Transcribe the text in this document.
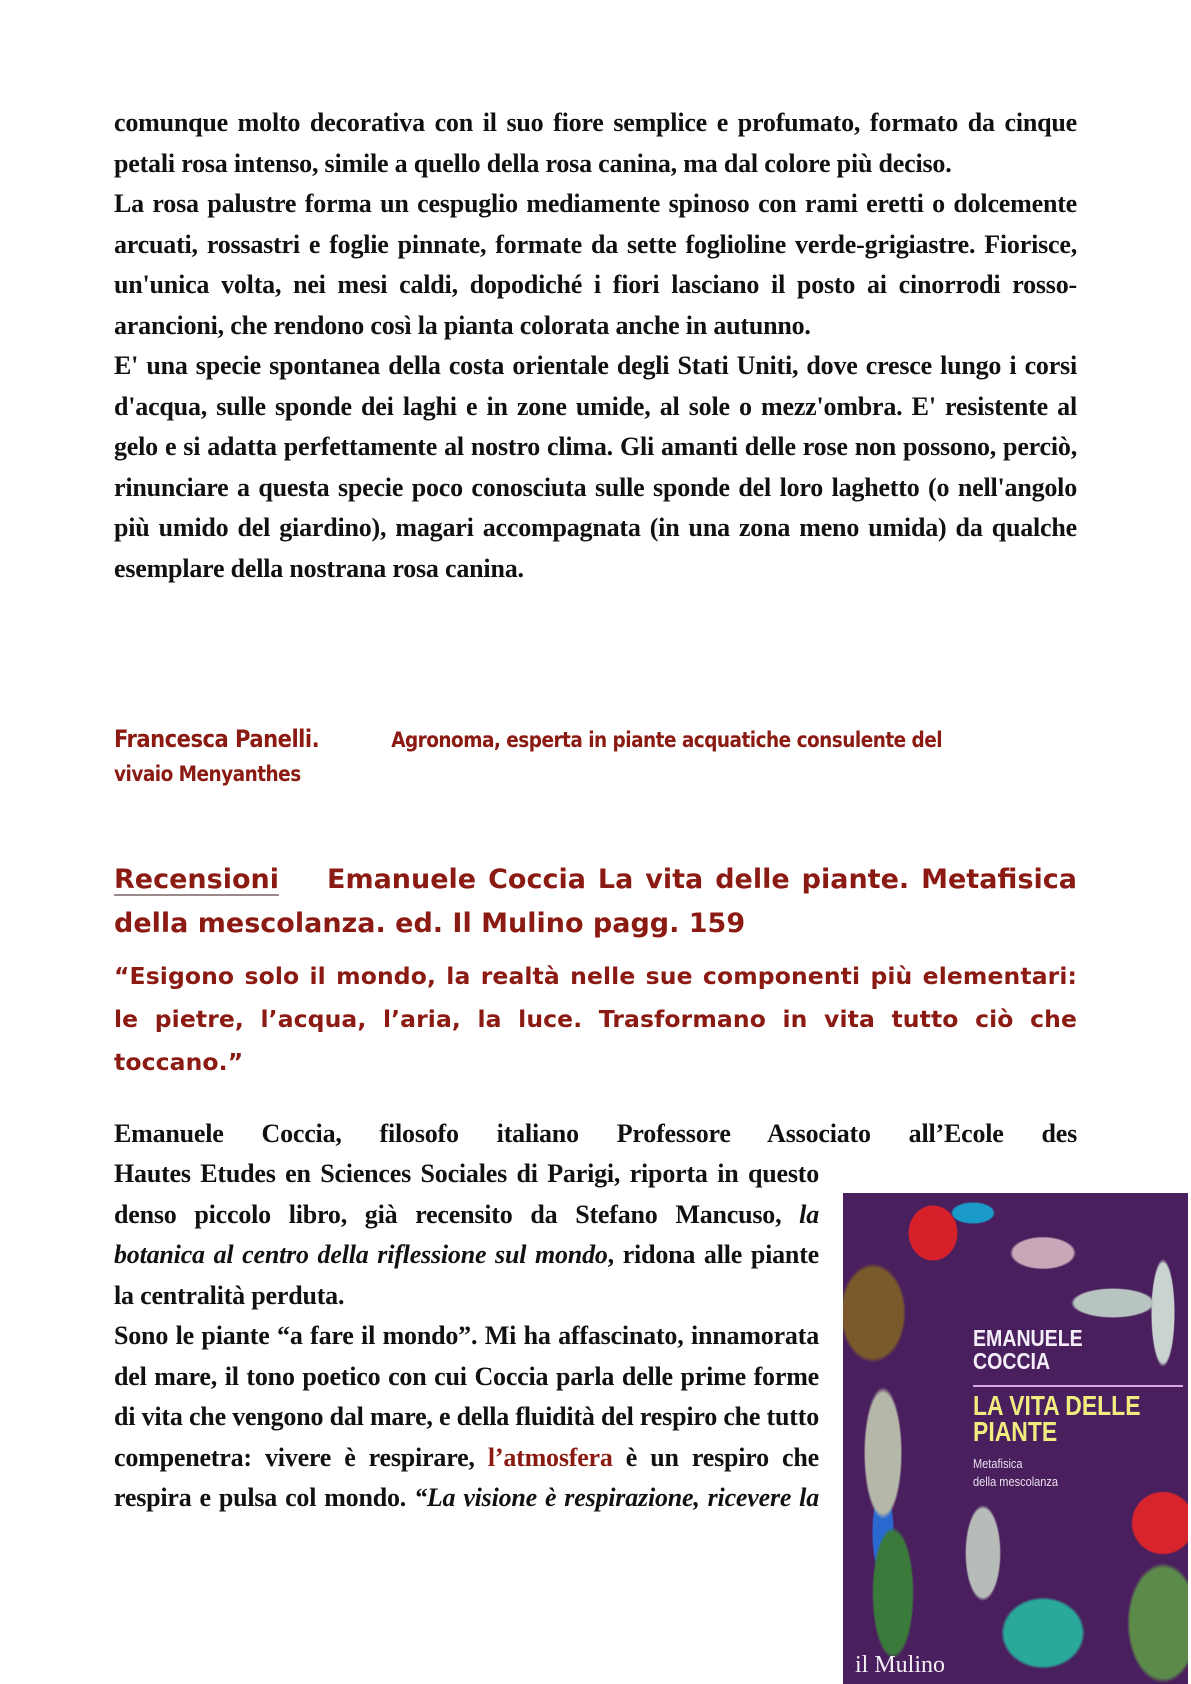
comunque molto decorativa con il suo fiore semplice e profumato, formato da cinque petali rosa intenso, simile a quello della rosa canina, ma dal colore più deciso.

La rosa palustre forma un cespuglio mediamente spinoso con rami eretti o dolcemente arcuati, rossastri e foglie pinnate, formate da sette foglioline verde-grigiastre. Fiorisce, un'unica volta, nei mesi caldi, dopodiché i fiori lasciano il posto ai cinorrodi rosso-arancioni, che rendono così la pianta colorata anche in autunno.

E' una specie spontanea della costa orientale degli Stati Uniti, dove cresce lungo i corsi d'acqua, sulle sponde dei laghi e in zone umide, al sole o mezz'ombra. E' resistente al gelo e si adatta perfettamente al nostro clima. Gli amanti delle rose non possono, perciò, rinunciare a questa specie poco conosciuta sulle sponde del loro laghetto (o nell'angolo più umido del giardino), magari accompagnata (in una zona meno umida) da qualche esemplare della nostrana rosa canina.

Francesca Panelli.	Agronoma, esperta in piante acquatiche consulente del vivaio Menyanthes
Recensioni Emanuele Coccia La vita delle piante. Metafisica della mescolanza. ed. Il Mulino pagg. 159
“Esigono solo il mondo, la realtà nelle sue componenti più elementari: le pietre, l’acqua, l’aria, la luce. Trasformano in vita tutto ciò che toccano.”

Emanuele Coccia, filosofo italiano Professore Associato all’Ecole des

Hautes Etudes en Sciences Sociales di Parigi, riporta in questo denso piccolo libro, già recensito da Stefano Mancuso, la botanica al centro della riflessione sul mondo, ridona alle piante la centralità perduta.

Sono le piante “a fare il mondo”. Mi ha affascinato, innamorata del mare, il tono poetico con cui Coccia parla delle prime forme di vita che vengono dal mare, e della fluidità del respiro che tutto compenetra: vivere è respirare, l’atmosfera è un respiro che respira e pulsa col mondo. “La visione è respirazione, ricevere la

EMANUELE
COCCIA
LA VITA DELLE
PIANTE
Metafisica
della mescolanza
il Mulino
